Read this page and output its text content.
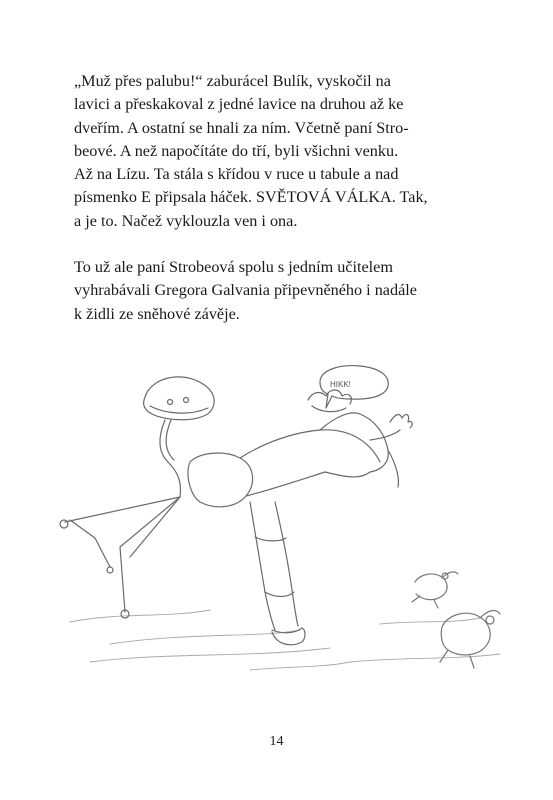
„Muž přes palubu!“ zaburácel Bulík, vyskočil na
lavici a přeskakoval z jedné lavice na druhou až ke
dveřím. A ostatní se hnali za ním. Včetně paní Stro-
beové. A než napočítáte do tří, byli všichni venku.
Až na Lízu. Ta stála s křídou v ruce u tabule a nad
písmenko E připsala háček. SVĚTOVÁ VÁLKA. Tak,
a je to. Načež vyklouzla ven i ona.
To už ale paní Strobeová spolu s jedním učitelem
vyhrabávali Gregora Galvania připevněného i nadále
k židli ze sněhové závěje.
HIKK!
14
